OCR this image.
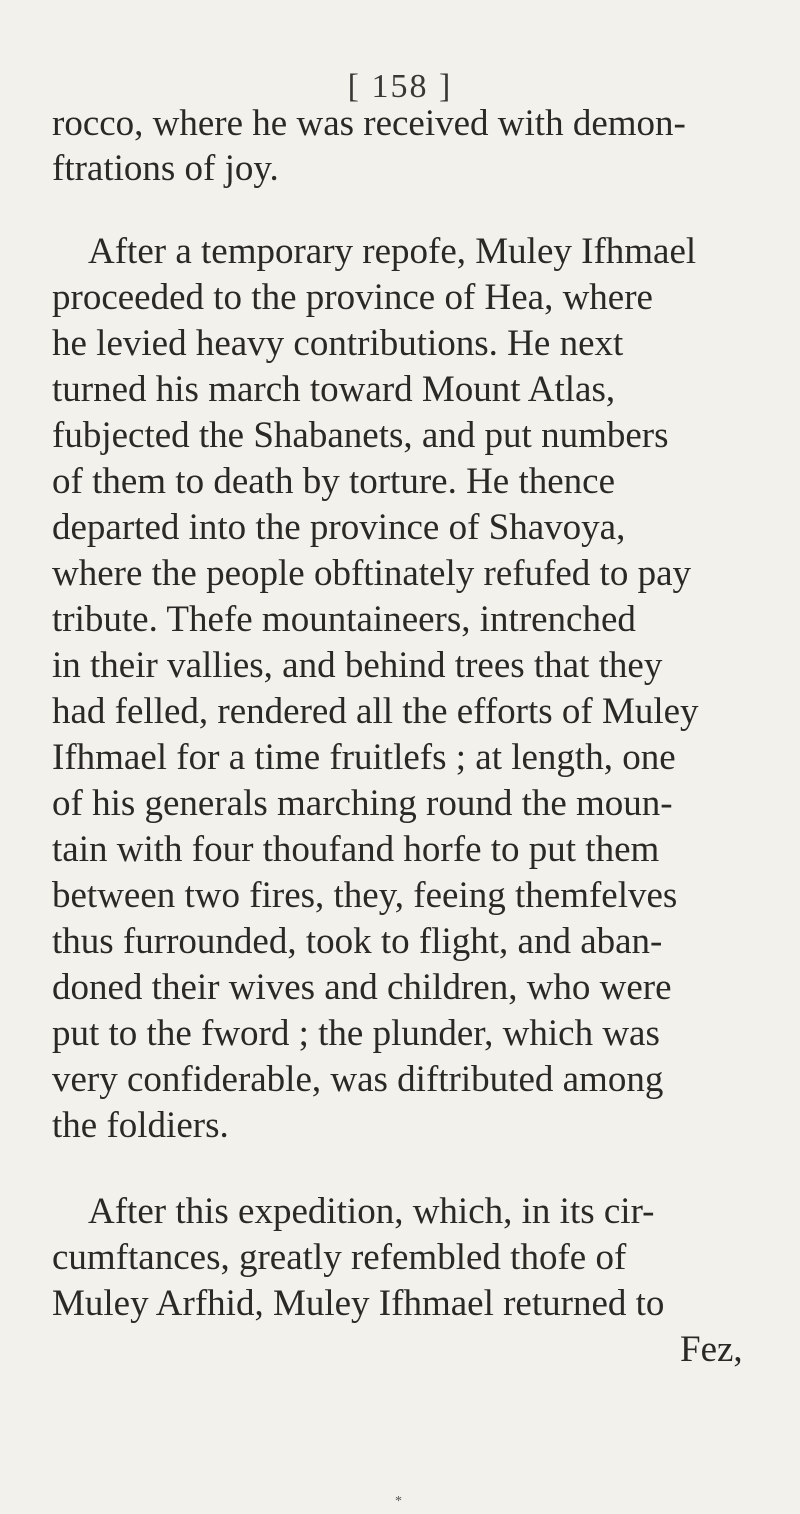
[ 158 ]
rocco, where he was received with demon-
ftrations of joy.
After a temporary repofe, Muley Ifhmael
proceeded to the province of Hea, where
he levied heavy contributions. He next
turned his march toward Mount Atlas,
fubjected the Shabanets, and put numbers
of them to death by torture. He thence
departed into the province of Shavoya,
where the people obftinately refufed to pay
tribute. Thefe mountaineers, intrenched
in their vallies, and behind trees that they
had felled, rendered all the efforts of Muley
Ifhmael for a time fruitlefs ; at length, one
of his generals marching round the moun-
tain with four thoufand horfe to put them
between two fires, they, feeing themfelves
thus furrounded, took to flight, and aban-
doned their wives and children, who were
put to the fword ; the plunder, which was
very confiderable, was diftributed among
the foldiers.
After this expedition, which, in its cir-
cumftances, greatly refembled thofe of
Muley Arfhid, Muley Ifhmael returned to
Fez,
*
